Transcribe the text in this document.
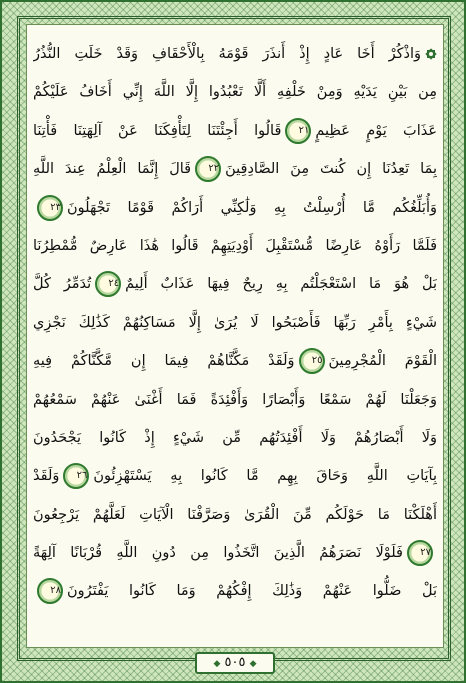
وَاذْكُرْ أَخَا عَادٍ إِذْ أَنذَرَ قَوْمَهُ بِالْأَحْقَافِ وَقَدْ خَلَتِ النُّذُرُ
مِن بَيْنِ يَدَيْهِ وَمِنْ خَلْفِهِ أَلَّا تَعْبُدُوا إِلَّا اللَّهَ إِنِّي أَخَافُ عَلَيْكُمْ
عَذَابَ يَوْمٍ عَظِيمٍ٢١قَالُوا أَجِئْتَنَا لِتَأْفِكَنَا عَنْ آلِهَتِنَا فَأْتِنَا
بِمَا تَعِدُنَا إِن كُنتَ مِنَ الصَّادِقِينَ٢٢قَالَ إِنَّمَا الْعِلْمُ عِندَ اللَّهِ
وَأُبَلِّغُكُم مَّا أُرْسِلْتُ بِهِ وَلَٰكِنِّي أَرَاكُمْ قَوْمًا تَجْهَلُونَ٢٣
فَلَمَّا رَأَوْهُ عَارِضًا مُّسْتَقْبِلَ أَوْدِيَتِهِمْ قَالُوا هَٰذَا عَارِضٌ مُّمْطِرُنَا
بَلْ هُوَ مَا اسْتَعْجَلْتُم بِهِ رِيحٌ فِيهَا عَذَابٌ أَلِيمٌ٢٤تُدَمِّرُ كُلَّ
شَيْءٍ بِأَمْرِ رَبِّهَا فَأَصْبَحُوا لَا يُرَىٰ إِلَّا مَسَاكِنُهُمْ كَذَٰلِكَ نَجْزِي
الْقَوْمَ الْمُجْرِمِينَ٢٥وَلَقَدْ مَكَّنَّاهُمْ فِيمَا إِن مَّكَّنَّاكُمْ فِيهِ
وَجَعَلْنَا لَهُمْ سَمْعًا وَأَبْصَارًا وَأَفْئِدَةً فَمَا أَغْنَىٰ عَنْهُمْ سَمْعُهُمْ
وَلَا أَبْصَارُهُمْ وَلَا أَفْئِدَتُهُم مِّن شَيْءٍ إِذْ كَانُوا يَجْحَدُونَ
بِآيَاتِ اللَّهِ وَحَاقَ بِهِم مَّا كَانُوا بِهِ يَسْتَهْزِئُونَ٢٦وَلَقَدْ
أَهْلَكْنَا مَا حَوْلَكُم مِّنَ الْقُرَىٰ وَصَرَّفْنَا الْآيَاتِ لَعَلَّهُمْ يَرْجِعُونَ
٢٧فَلَوْلَا نَصَرَهُمُ الَّذِينَ اتَّخَذُوا مِن دُونِ اللَّهِ قُرْبَانًا آلِهَةً
بَلْ ضَلُّوا عَنْهُمْ وَذَٰلِكَ إِفْكُهُمْ وَمَا كَانُوا يَفْتَرُونَ٢٨
◆ ٥٠٥ ◆
